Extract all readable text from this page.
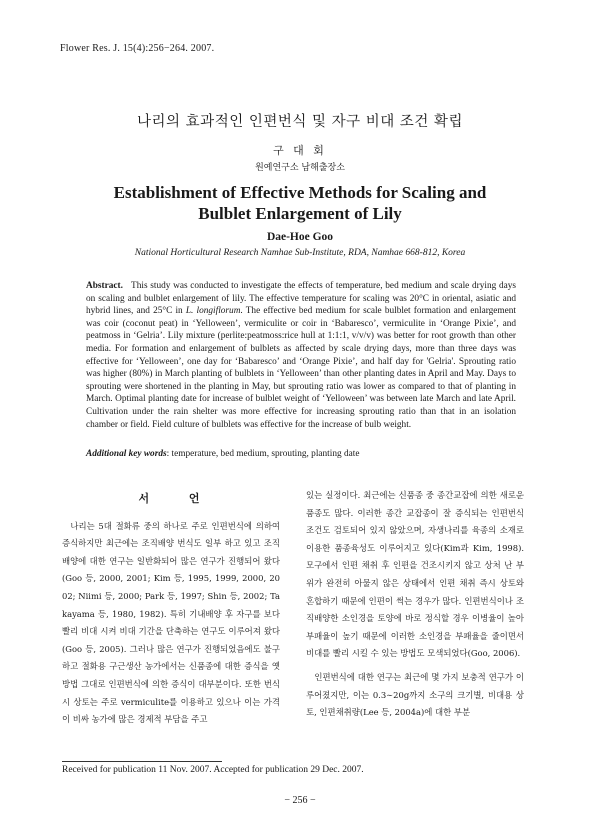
Flower Res. J. 15(4):256−264. 2007.
나리의 효과적인 인편번식 및 자구 비대 조건 확립
구 대 회
원예연구소 남해출장소
Establishment of Effective Methods for Scaling and
Bulblet Enlargement of Lily
Dae-Hoe Goo
National Horticultural Research Namhae Sub-Institute, RDA, Namhae 668-812, Korea
Abstract. This study was conducted to investigate the effects of temperature, bed medium and scale drying days on scaling and bulblet enlargement of lily. The effective temperature for scaling was 20°C in oriental, asiatic and hybrid lines, and 25°C in L. longiflorum. The effective bed medium for scale bulblet formation and enlargement was coir (coconut peat) in ‘Yelloween’, vermiculite or coir in ‘Babaresco’, vermiculite in ‘Orange Pixie’, and peatmoss in ‘Gelria’. Lily mixture (perlite:peatmoss:rice hull at 1:1:1, v/v/v) was better for root growth than other media. For formation and enlargement of bulblets as affected by scale drying days, more than three days was effective for ‘Yelloween’, one day for ‘Babaresco’ and ‘Orange Pixie’, and half day for 'Gelria'. Sprouting ratio was higher (80%) in March planting of bulblets in ‘Yelloween’ than other planting dates in April and May. Days to sprouting were shortened in the planting in May, but sprouting ratio was lower as compared to that of planting in March. Optimal planting date for increase of bulblet weight of ‘Yelloween’ was between late March and late April. Cultivation under the rain shelter was more effective for increasing sprouting ratio than that in an isolation chamber or field. Field culture of bulblets was effective for the increase of bulb weight.
Additional key words: temperature, bed medium, sprouting, planting date
서 언

나리는 5대 절화류 중의 하나로 주로 인편번식에 의하여 증식하지만 최근에는 조직배양 번식도 일부 하고 있고 조직배양에 대한 연구는 일반화되어 많은 연구가 진행되어 왔다(Goo 등, 2000, 2001; Kim 등, 1995, 1999, 2000, 2002; Niimi 등, 2000; Park 등, 1997; Shin 등, 2002; Takayama 등, 1980, 1982). 특히 기내배양 후 자구를 보다 빨리 비대 시켜 비대 기간을 단축하는 연구도 이루어져 왔다(Goo 등, 2005). 그러나 많은 연구가 진행되었음에도 불구하고 절화용 구근생산 농가에서는 신품종에 대한 증식을 옛 방법 그대로 인편번식에 의한 증식이 대부분이다. 또한 번식 시 상토는 주로 vermiculite를 이용하고 있으나 이는 가격이 비싸 농가에 많은 경제적 부담을 주고

있는 실정이다. 최근에는 신품종 중 종간교잡에 의한 새로운 품종도 많다. 이러한 종간 교잡종이 잘 증식되는 인편번식 조건도 검토되어 있지 않았으며, 자생나리를 육종의 소재로 이용한 품종육성도 이루어지고 있다(Kim과 Kim, 1998). 모구에서 인편 채취 후 인편을 건조시키지 않고 상처 난 부위가 완전히 아물지 않은 상태에서 인편 채취 즉시 상토와 혼합하기 때문에 인편이 썩는 경우가 많다. 인편번식이나 조직배양한 소인경을 토양에 바로 정식할 경우 이병율이 높아 부패율이 높기 때문에 이러한 소인경을 부패율을 줄이면서 비대를 빨리 시킬 수 있는 방법도 모색되었다(Goo, 2006).

인편번식에 대한 연구는 최근에 몇 가지 보충적 연구가 이루어졌지만, 이는 0.3∼20g까지 소구의 크기별, 비대용 상토, 인편채취량(Lee 등, 2004a)에 대한 부분

Received for publication 11 Nov. 2007. Accepted for publication 29 Dec. 2007.
− 256 −
